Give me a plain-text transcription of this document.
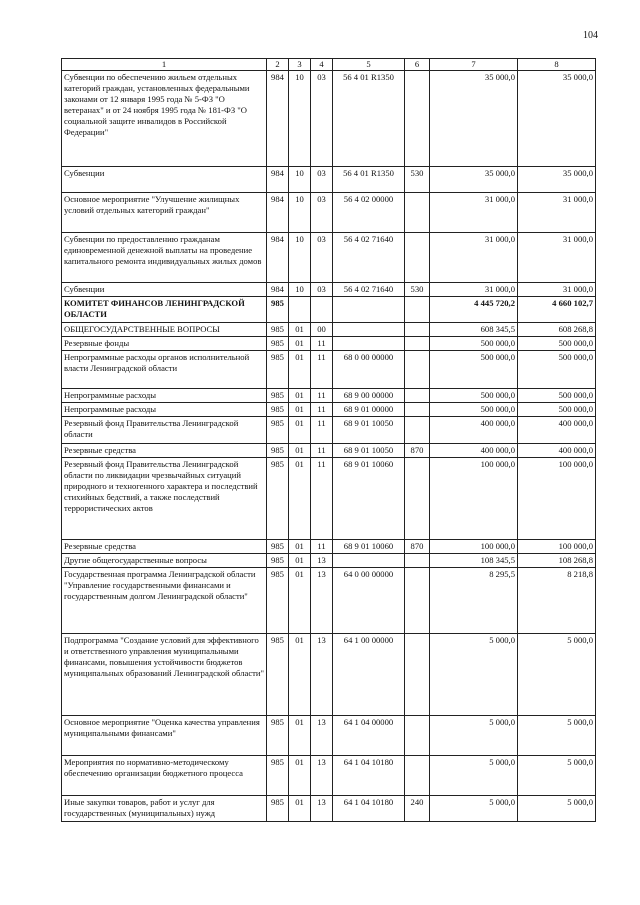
104
1	2	3	4	5	6	7	8
Субвенции по обеспечению жильем отдельных категорий граждан, установленных федеральными законами от 12 января 1995 года № 5-ФЗ "О ветеранах" и от 24 ноября 1995 года № 181-ФЗ "О социальной защите инвалидов в Российской Федерации"	984	10	03	56 4 01 R1350		35 000,0	35 000,0
Субвенции	984	10	03	56 4 01 R1350	530	35 000,0	35 000,0
Основное мероприятие "Улучшение жилищных условий отдельных категорий граждан"	984	10	03	56 4 02 00000		31 000,0	31 000,0
Субвенции по предоставлению гражданам единовременной денежной выплаты на проведение капитального ремонта индивидуальных жилых домов	984	10	03	56 4 02 71640		31 000,0	31 000,0
Субвенции	984	10	03	56 4 02 71640	530	31 000,0	31 000,0
КОМИТЕТ ФИНАНСОВ ЛЕНИНГРАДСКОЙ ОБЛАСТИ	985					4 445 720,2	4 660 102,7
ОБЩЕГОСУДАРСТВЕННЫЕ ВОПРОСЫ	985	01	00			608 345,5	608 268,8
Резервные фонды	985	01	11			500 000,0	500 000,0
Непрограммные расходы органов исполнительной власти Ленинградской области	985	01	11	68 0 00 00000		500 000,0	500 000,0
Непрограммные расходы	985	01	11	68 9 00 00000		500 000,0	500 000,0
Непрограммные расходы	985	01	11	68 9 01 00000		500 000,0	500 000,0
Резервный фонд Правительства Ленинградской области	985	01	11	68 9 01 10050		400 000,0	400 000,0
Резервные средства	985	01	11	68 9 01 10050	870	400 000,0	400 000,0
Резервный фонд Правительства Ленинградской области по ликвидации чрезвычайных ситуаций природного и техногенного характера и последствий стихийных бедствий, а также последствий террористических актов	985	01	11	68 9 01 10060		100 000,0	100 000,0
Резервные средства	985	01	11	68 9 01 10060	870	100 000,0	100 000,0
Другие общегосударственные вопросы	985	01	13			108 345,5	108 268,8
Государственная программа Ленинградской области "Управление государственными финансами и государственным долгом Ленинградской области"	985	01	13	64 0 00 00000		8 295,5	8 218,8
Подпрограмма "Создание условий для эффективного и ответственного управления муниципальными финансами, повышения устойчивости бюджетов муниципальных образований Ленинградской области"	985	01	13	64 1 00 00000		5 000,0	5 000,0
Основное мероприятие "Оценка качества управления муниципальными финансами"	985	01	13	64 1 04 00000		5 000,0	5 000,0
Мероприятия по нормативно-методическому обеспечению организации бюджетного процесса	985	01	13	64 1 04 10180		5 000,0	5 000,0
Иные закупки товаров, работ и услуг для государственных (муниципальных) нужд	985	01	13	64 1 04 10180	240	5 000,0	5 000,0
